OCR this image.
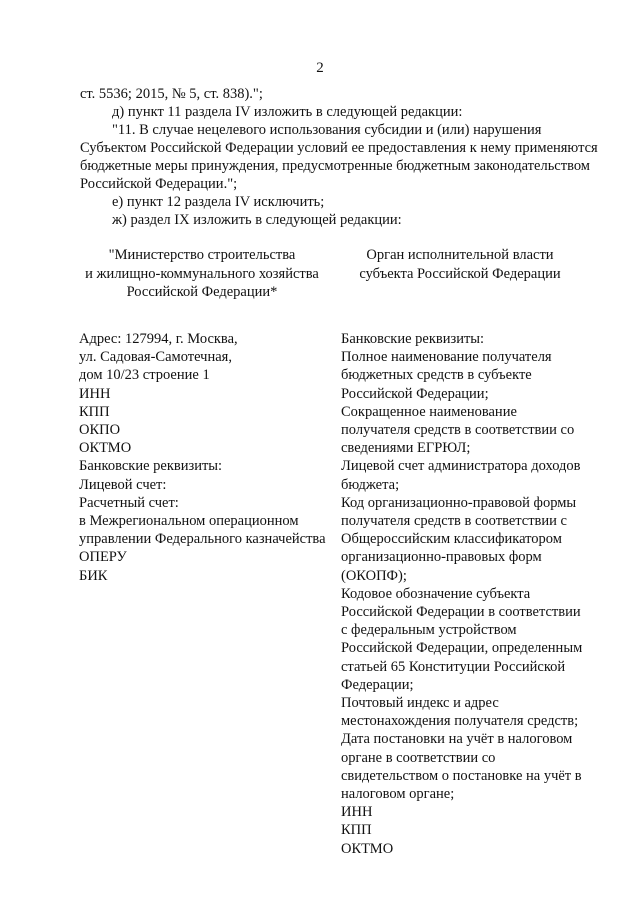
2

ст. 5536; 2015, № 5, ст. 838).";

д) пункт 11 раздела IV изложить в следующей редакции:

"11. В случае нецелевого использования субсидии и (или) нарушения

Субъектом Российской Федерации условий ее предоставления к нему применяются

бюджетные меры принуждения, предусмотренные бюджетным законодательством

Российской Федерации.";

е) пункт 12 раздела IV исключить;

ж) раздел IX изложить в следующей редакции:

"Министерство строительства
и жилищно-коммунального хозяйства
Российской Федерации*
Орган исполнительной власти
субъекта Российской Федерации
Адрес: 127994, г. Москва,
ул. Садовая-Самотечная,
дом 10/23 строение 1
ИНН
КПП
ОКПО
ОКТМО
Банковские реквизиты:
Лицевой счет:
Расчетный счет:
в Межрегиональном операционном
управлении Федерального казначейства
ОПЕРУ
БИК
Банковские реквизиты:
Полное наименование получателя
бюджетных средств в субъекте
Российской Федерации;
Сокращенное наименование
получателя средств в соответствии со
сведениями ЕГРЮЛ;
Лицевой счет администратора доходов
бюджета;
Код организационно-правовой формы
получателя средств в соответствии с
Общероссийским классификатором
организационно-правовых форм
(ОКОПФ);
Кодовое обозначение субъекта
Российской Федерации в соответствии
с федеральным устройством
Российской Федерации, определенным
статьей 65 Конституции Российской
Федерации;
Почтовый индекс и адрес
местонахождения получателя средств;
Дата постановки на учёт в налоговом
органе в соответствии со
свидетельством о постановке на учёт в
налоговом органе;
ИНН
КПП
ОКТМО
